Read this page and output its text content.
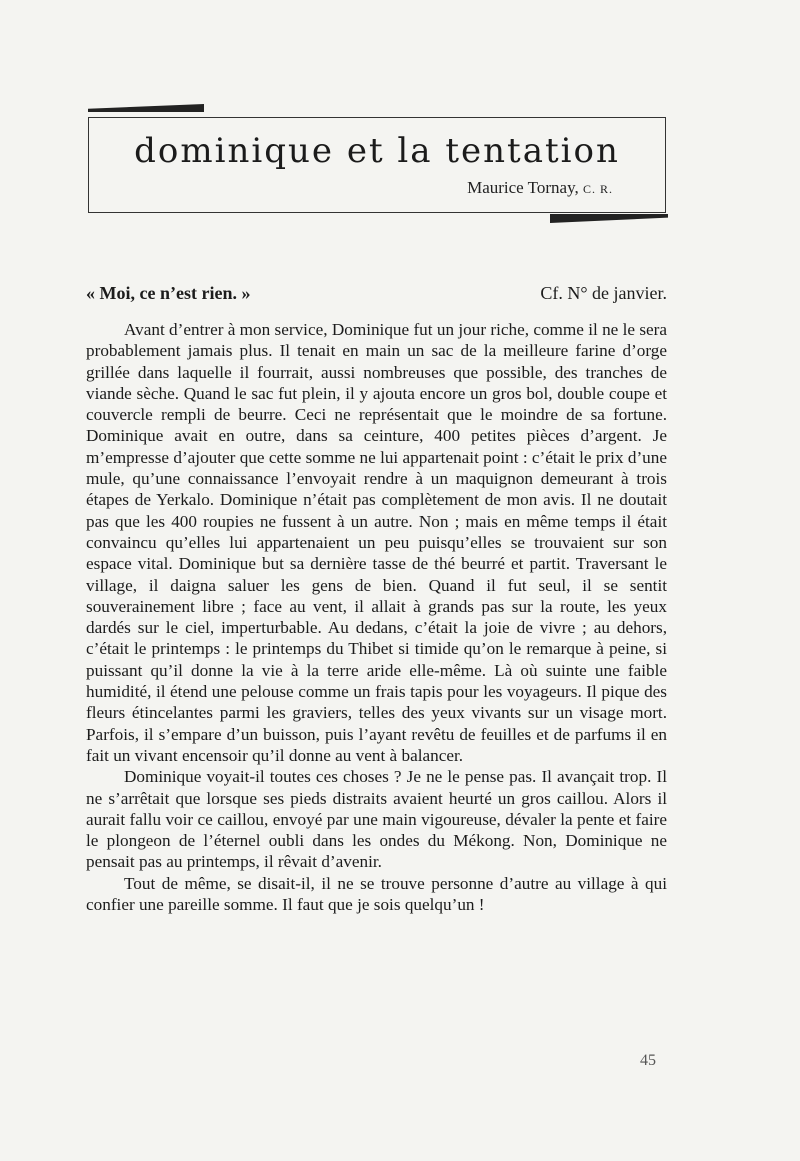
dominique et la tentation

Maurice Tornay, C. R.

« Moi, ce n’est rien. »	Cf. N° de janvier.

Avant d’entrer à mon service, Dominique fut un jour riche, comme il ne le sera probablement jamais plus. Il tenait en main un sac de la meilleure farine d’orge grillée dans laquelle il fourrait, aussi nombreuses que possible, des tranches de viande sèche. Quand le sac fut plein, il y ajouta encore un gros bol, double coupe et couvercle rempli de beurre. Ceci ne représentait que le moindre de sa fortune. Dominique avait en outre, dans sa ceinture, 400 petites pièces d’argent. Je m’empresse d’ajouter que cette somme ne lui appartenait point : c’était le prix d’une mule, qu’une connaissance l’envoyait rendre à un maquignon demeurant à trois étapes de Yerkalo. Dominique n’était pas complètement de mon avis. Il ne doutait pas que les 400 roupies ne fussent à un autre. Non ; mais en même temps il était convaincu qu’elles lui appartenaient un peu puisqu’elles se trouvaient sur son espace vital. Dominique but sa dernière tasse de thé beurré et partit. Traversant le village, il daigna saluer les gens de bien. Quand il fut seul, il se sentit souverainement libre ; face au vent, il allait à grands pas sur la route, les yeux dardés sur le ciel, imperturbable. Au dedans, c’était la joie de vivre ; au dehors, c’était le printemps : le printemps du Thibet si timide qu’on le remarque à peine, si puissant qu’il donne la vie à la terre aride elle-même. Là où suinte une faible humidité, il étend une pelouse comme un frais tapis pour les voyageurs. Il pique des fleurs étincelantes parmi les graviers, telles des yeux vivants sur un visage mort. Parfois, il s’empare d’un buisson, puis l’ayant revêtu de feuilles et de parfums il en fait un vivant encensoir qu’il donne au vent à balancer.

Dominique voyait-il toutes ces choses ? Je ne le pense pas. Il avançait trop. Il ne s’arrêtait que lorsque ses pieds distraits avaient heurté un gros caillou. Alors il aurait fallu voir ce caillou, envoyé par une main vigoureuse, dévaler la pente et faire le plongeon de l’éternel oubli dans les ondes du Mékong. Non, Dominique ne pensait pas au printemps, il rêvait d’avenir.

Tout de même, se disait-il, il ne se trouve personne d’autre au village à qui confier une pareille somme. Il faut que je sois quelqu’un !

45
